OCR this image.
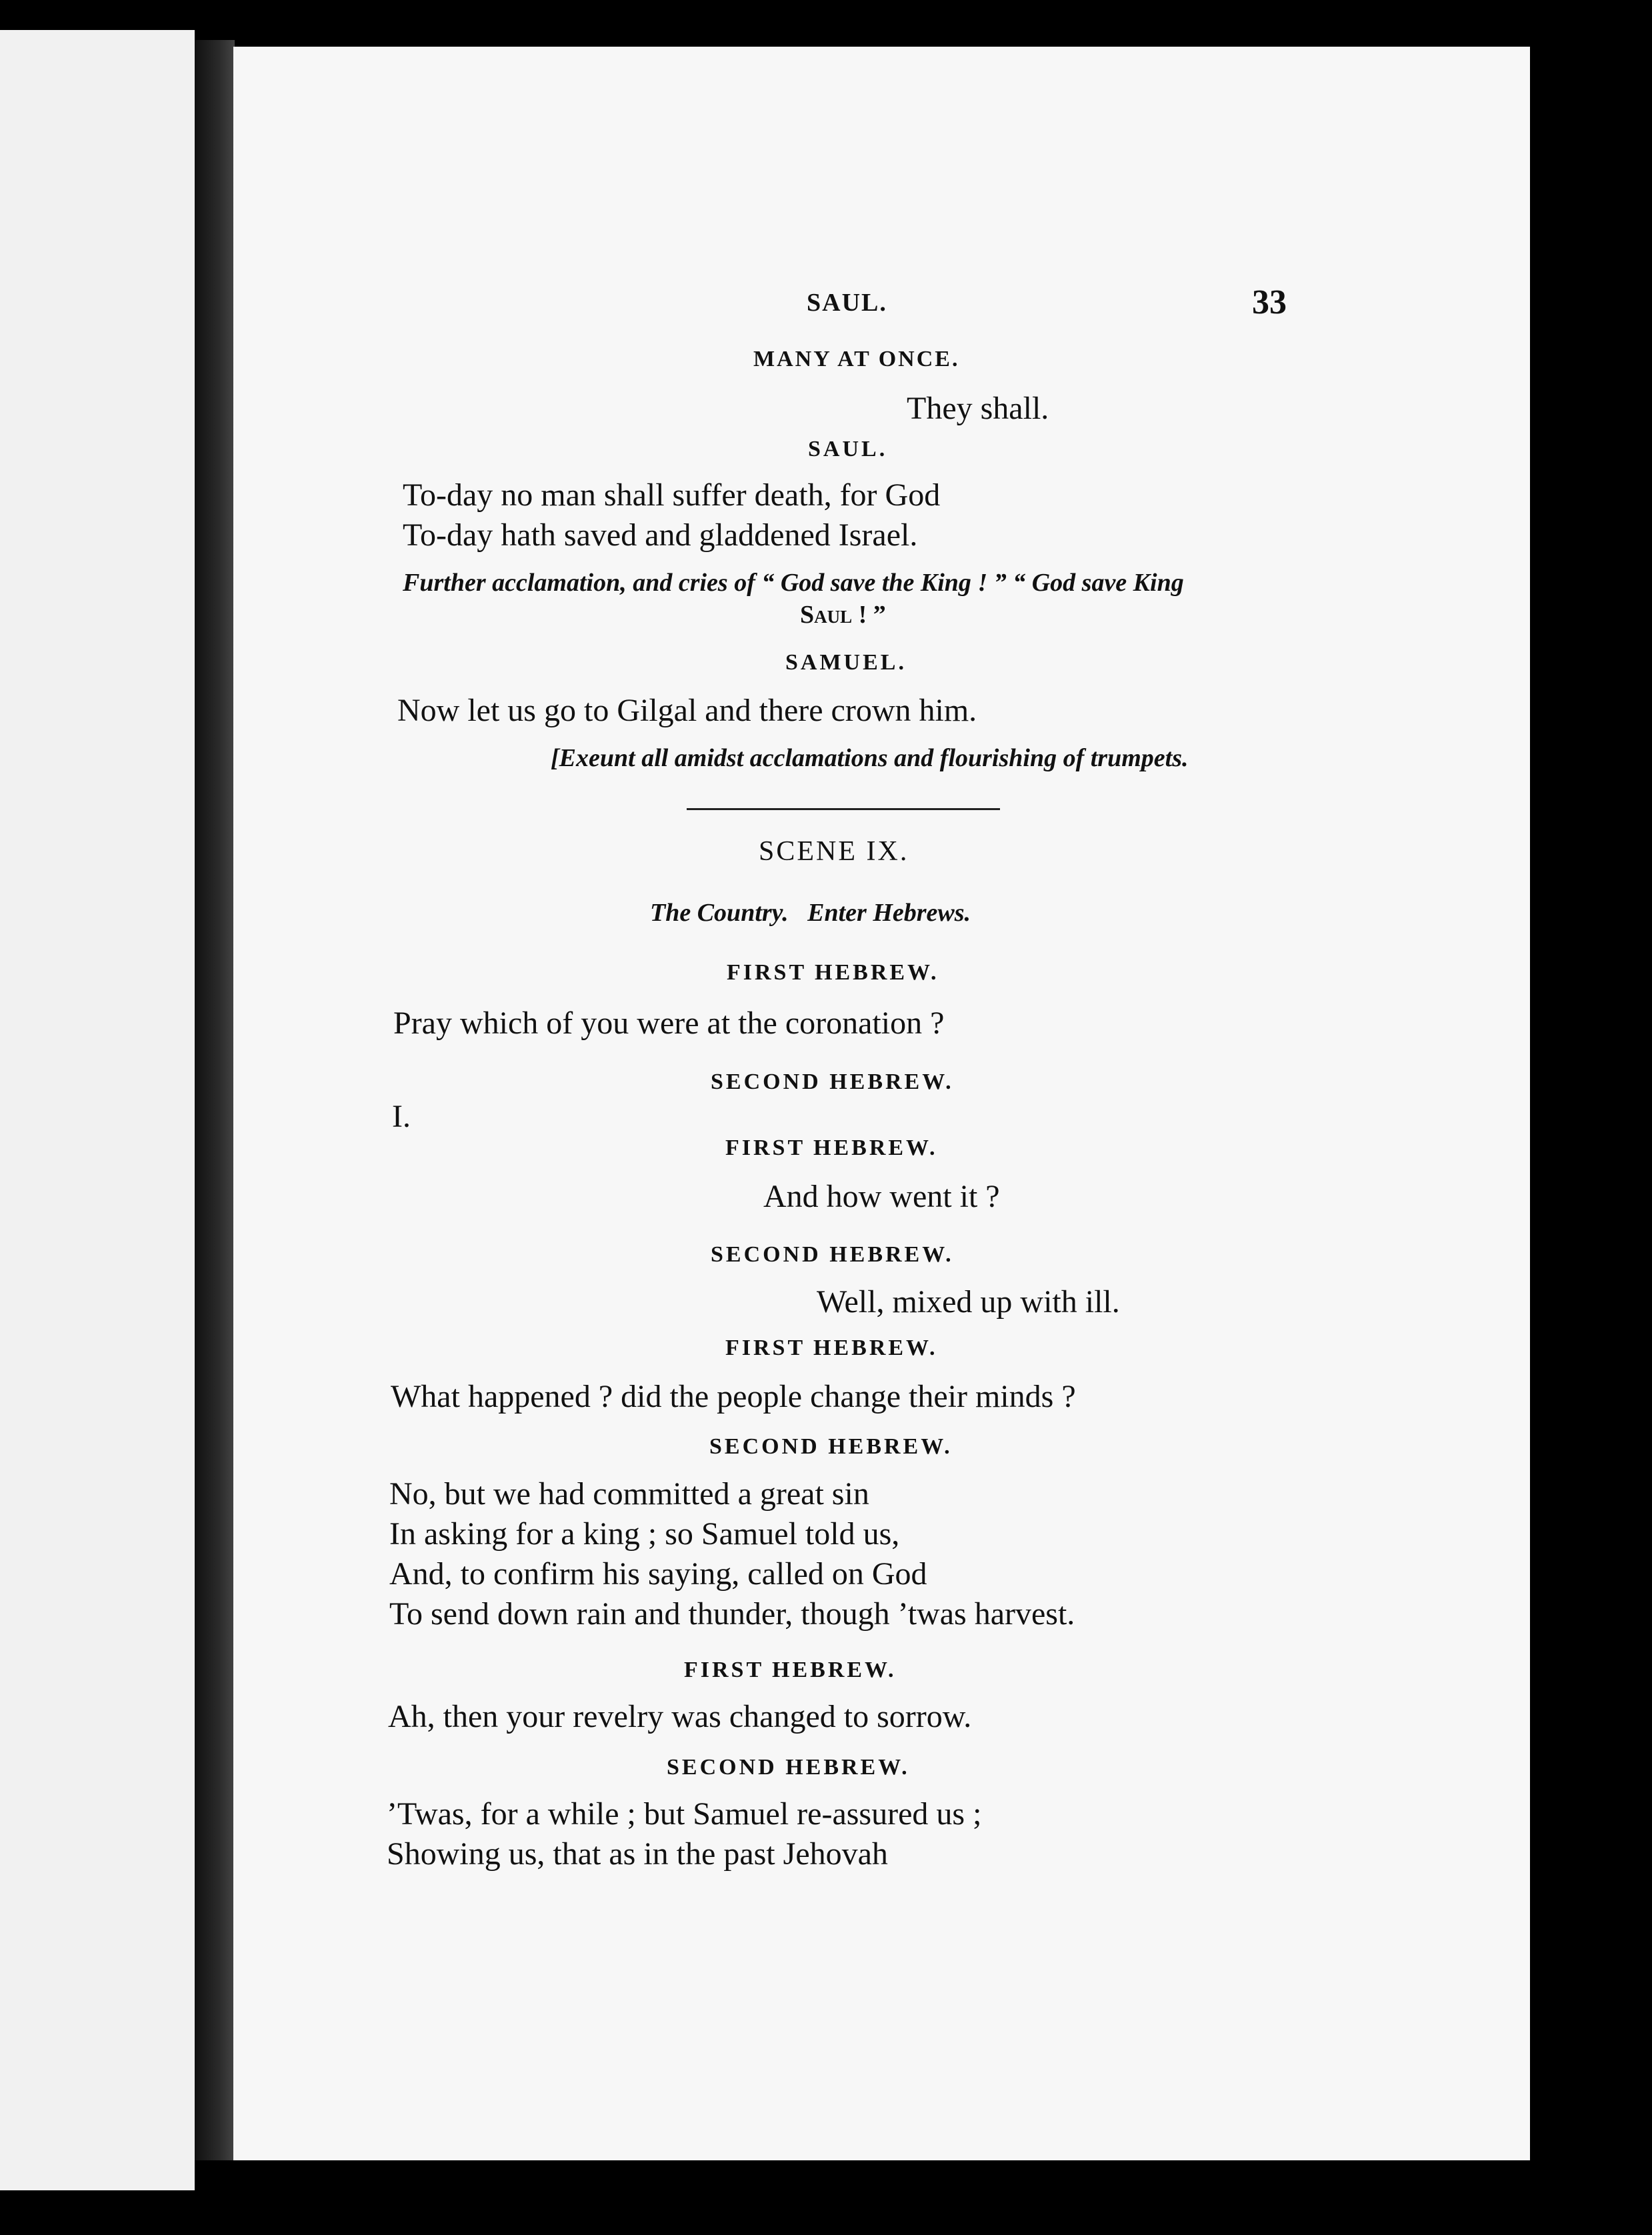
SAUL.	33
MANY AT ONCE.
They shall.
SAUL.
To-day no man shall suffer death, for God
To-day hath saved and gladdened Israel.
Further acclamation, and cries of “ God save the King ! ” “ God save King
Saul ! ”
SAMUEL.
Now let us go to Gilgal and there crown him.
[Exeunt all amidst acclamations and flourishing of trumpets.
SCENE IX.
The Country.   Enter Hebrews.
FIRST HEBREW.
Pray which of you were at the coronation ?
SECOND HEBREW.
I.
FIRST HEBREW.
And how went it ?
SECOND HEBREW.
Well, mixed up with ill.
FIRST HEBREW.
What happened ? did the people change their minds ?
SECOND HEBREW.
No, but we had committed a great sin
In asking for a king ; so Samuel told us,
And, to confirm his saying, called on God
To send down rain and thunder, though ’twas harvest.
FIRST HEBREW.
Ah, then your revelry was changed to sorrow.
SECOND HEBREW.
’Twas, for a while ; but Samuel re-assured us ;
Showing us, that as in the past Jehovah
